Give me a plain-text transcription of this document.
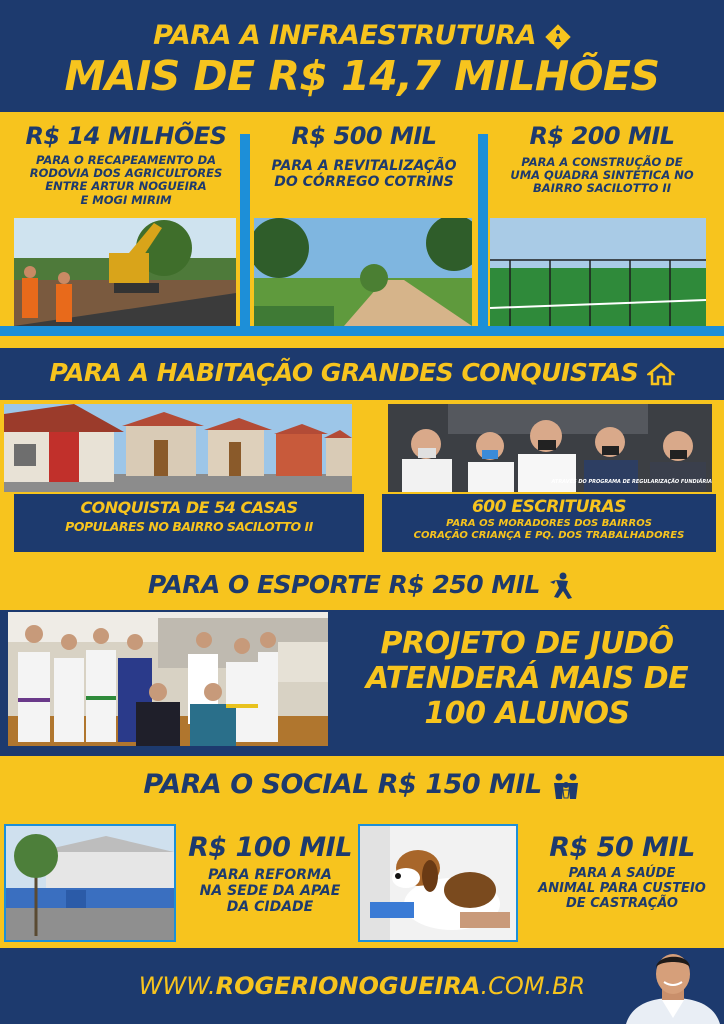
PARA A INFRAESTRUTURA
MAIS DE R$ 14,7 MILHÕES
R$ 14 MILHÕES
PARA O RECAPEAMENTO DA
RODOVIA DOS AGRICULTORES
ENTRE ARTUR NOGUEIRA
E MOGI MIRIM
R$ 500 MIL
PARA A REVITALIZAÇÃO
DO CÓRREGO COTRINS
R$ 200 MIL
PARA A CONSTRUÇÃO DE
UMA QUADRA SINTÉTICA NO
BAIRRO SACILOTTO II
PARA A HABITAÇÃO GRANDES CONQUISTAS
CONQUISTA DE 54 CASAS
POPULARES NO BAIRRO SACILOTTO II
ATRAVÉS DO PROGRAMA DE REGULARIZAÇÃO FUNDIÁRIA
600 ESCRITURAS
PARA OS MORADORES DOS BAIRROS
CORAÇÃO CRIANÇA E PQ. DOS TRABALHADORES
PARA O ESPORTE R$ 250 MIL
PROJETO DE JUDÔ
ATENDERÁ MAIS DE
100 ALUNOS
PARA O SOCIAL R$ 150 MIL
R$ 100 MIL
PARA REFORMA
NA SEDE DA APAE
DA CIDADE
R$ 50 MIL
PARA A SAÚDE
ANIMAL PARA CUSTEIO
DE CASTRAÇÃO
WWW.ROGERIONOGUEIRA.COM.BR
